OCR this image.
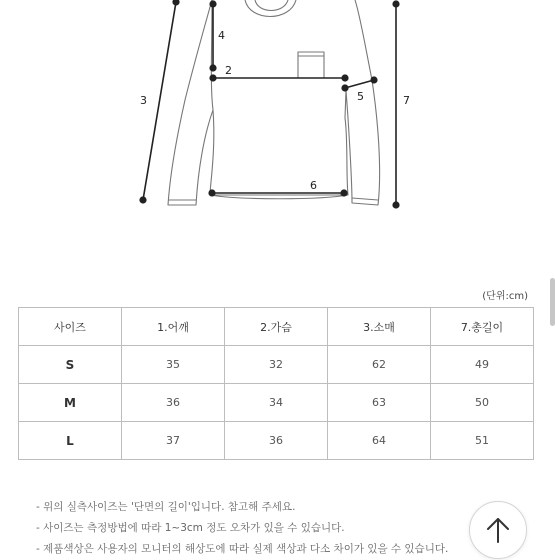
4
2
3	5	7
6
(단위:cm)
사이즈	1.어깨	2.가슴	3.소매	7.총길이
S	35	32	62	49
M	36	34	63	50
L	37	36	64	51
- 위의 실측사이즈는 '단면의 길이'입니다. 참고해 주세요.
- 사이즈는 측정방법에 따라 1~3cm 정도 오차가 있을 수 있습니다.
- 제품색상은 사용자의 모니터의 해상도에 따라 실제 색상과 다소 차이가 있을 수 있습니다.
